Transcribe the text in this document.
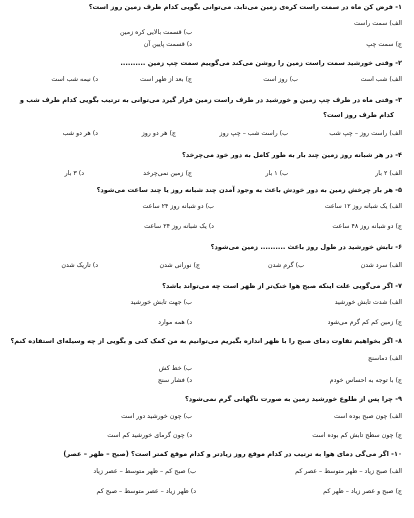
۱- فرض کن ماه در سمت راست کره‌ی زمین می‌تابد. می‌توانی بگویی کدام طرف زمین روز است؟
الف) سمت راست
ب) قسمت بالایی کره زمین
ج) سمت چپ
د) قسمت پایین آن
۲- وقتی خورشید سمت راست زمین را روشن می‌کند می‌گوییم سمت چپ زمین ..........
الف) شب است
ب) روز است
ج) بعد از ظهر است
د) نیمه شب است
۳- وقتی ماه در طرف چپ زمین و خورشید در طرف راست زمین قرار گیرد می‌توانی به ترتیب بگویی کدام طرف شب و
کدام طرف روز است؟
الف) راست روز – چپ شب
ب) راست شب – چپ روز
ج) هر دو روز
د) هر دو شب
۴- در هر شبانه روز زمین چند بار به طور کامل به دور خود می‌چرخد؟
الف) ۲ بار
ب) ۱ بار
ج) زمین نمی‌چرخد
د) ۳ بار
۵- هر بار چرخش زمین به دور خودش باعث به وجود آمدن چند شبانه روز یا چند ساعت می‌شود؟
الف) یک شبانه روز ۱۲ ساعت
ب) دو شبانه روز ۲۴ ساعت
ج) دو شبانه روز ۴۸ ساعت
د) یک شبانه روز ۲۴ ساعت
۶- تابش خورشید در طول روز باعث .......... زمین می‌شود؟
الف) سرد شدن
ب) گرم شدن
ج) نورانی شدن
د) تاریک شدن
۷- اگر می‌گویی علت اینکه صبح هوا خنک‌تر از ظهر است چه می‌تواند باشد؟
الف) شدت تابش خورشید
ب) جهت تابش خورشید
ج) زمین کم کم گرم می‌شود
د) همه موارد
۸- اگر بخواهیم تفاوت دمای صبح را با ظهر اندازه بگیریم می‌توانیم به من کمک کنی و بگویی از چه وسیله‌ای استفاده کنم؟
الف) دماسنج
ب) خط کش
ج) با توجه به احساس خودم
د) فشار سنج
۹- چرا پس از طلوع خورشید زمین به صورت ناگهانی گرم نمی‌شود؟
الف) چون صبح بوده است
ب) چون خورشید دور است
ج) چون سطح تابش کم بوده است
د) چون گرمای خورشید کم است
۱۰- اگر می‌گی دمای هوا به ترتیب در کدام موقع روز زیادتر و کدام موقع کمتر است؟ (صبح – ظهر – عصر)
الف) صبح زیاد – ظهر متوسط – عصر کم
ب) صبح کم – ظهر متوسط – عصر زیاد
ج) صبح و عصر زیاد – ظهر کم
د) ظهر زیاد – عصر متوسط – صبح کم
